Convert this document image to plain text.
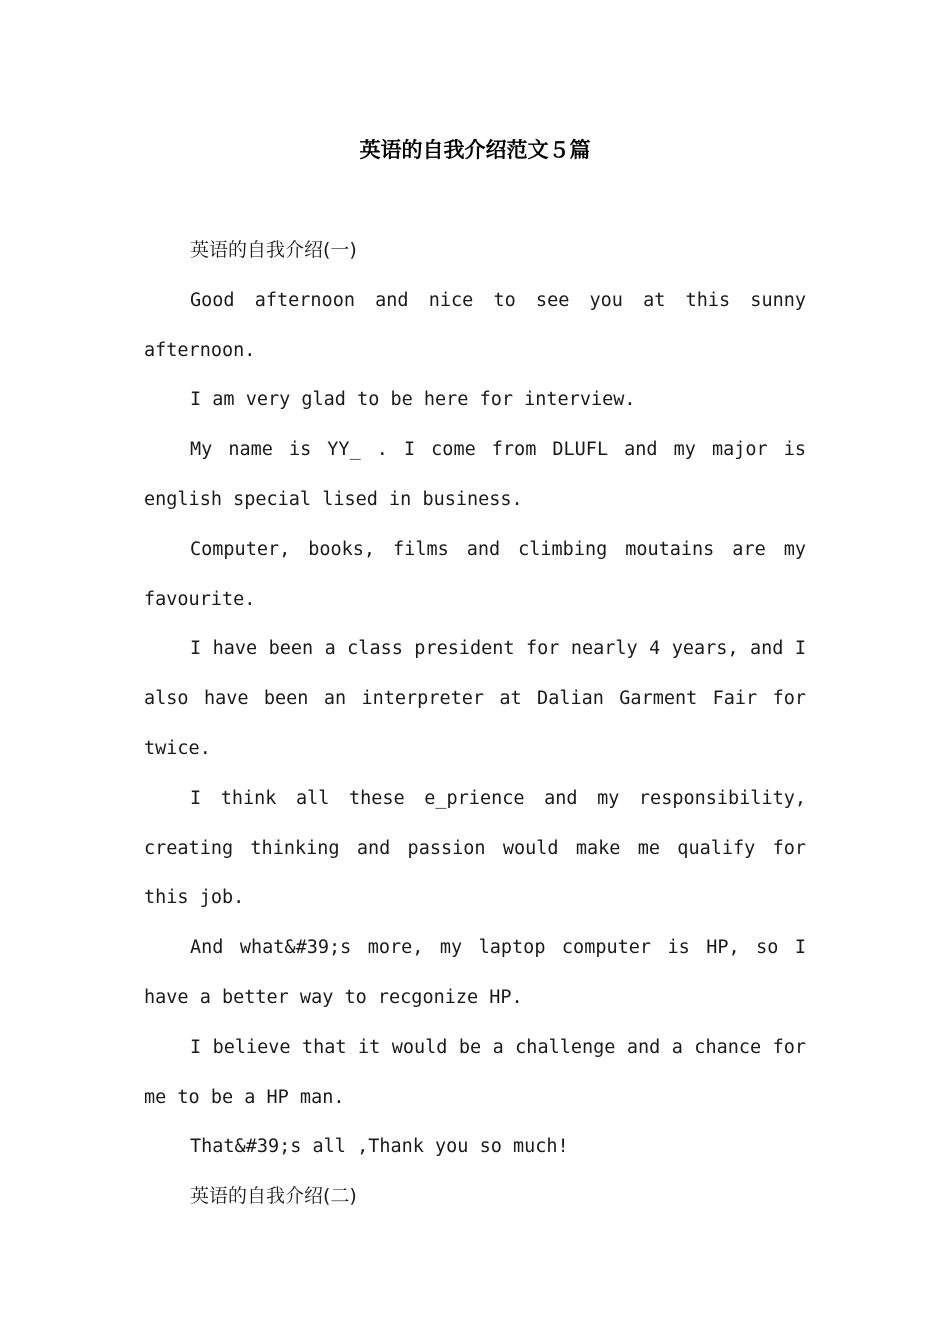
英语的自我介绍范文５篇

英语的自我介绍(一)

Good afternoon and nice to see you at this sunny afternoon.

I am very glad to be here for interview.

My name is YY_ . I come from DLUFL and my major is english special lised in business.

Computer, books, films and climbing moutains are my favourite.

I have been a class president for nearly 4 years, and I also have been an interpreter at Dalian Garment Fair for twice.

I think all these e_prience and my responsibility, creating thinking and passion would make me qualify for this job.

And what&#39;s more, my laptop computer is HP, so I have a better way to recgonize HP.

I believe that it would be a challenge and a chance for me to be a HP man.

That&#39;s all ,Thank you so much!

英语的自我介绍(二)
